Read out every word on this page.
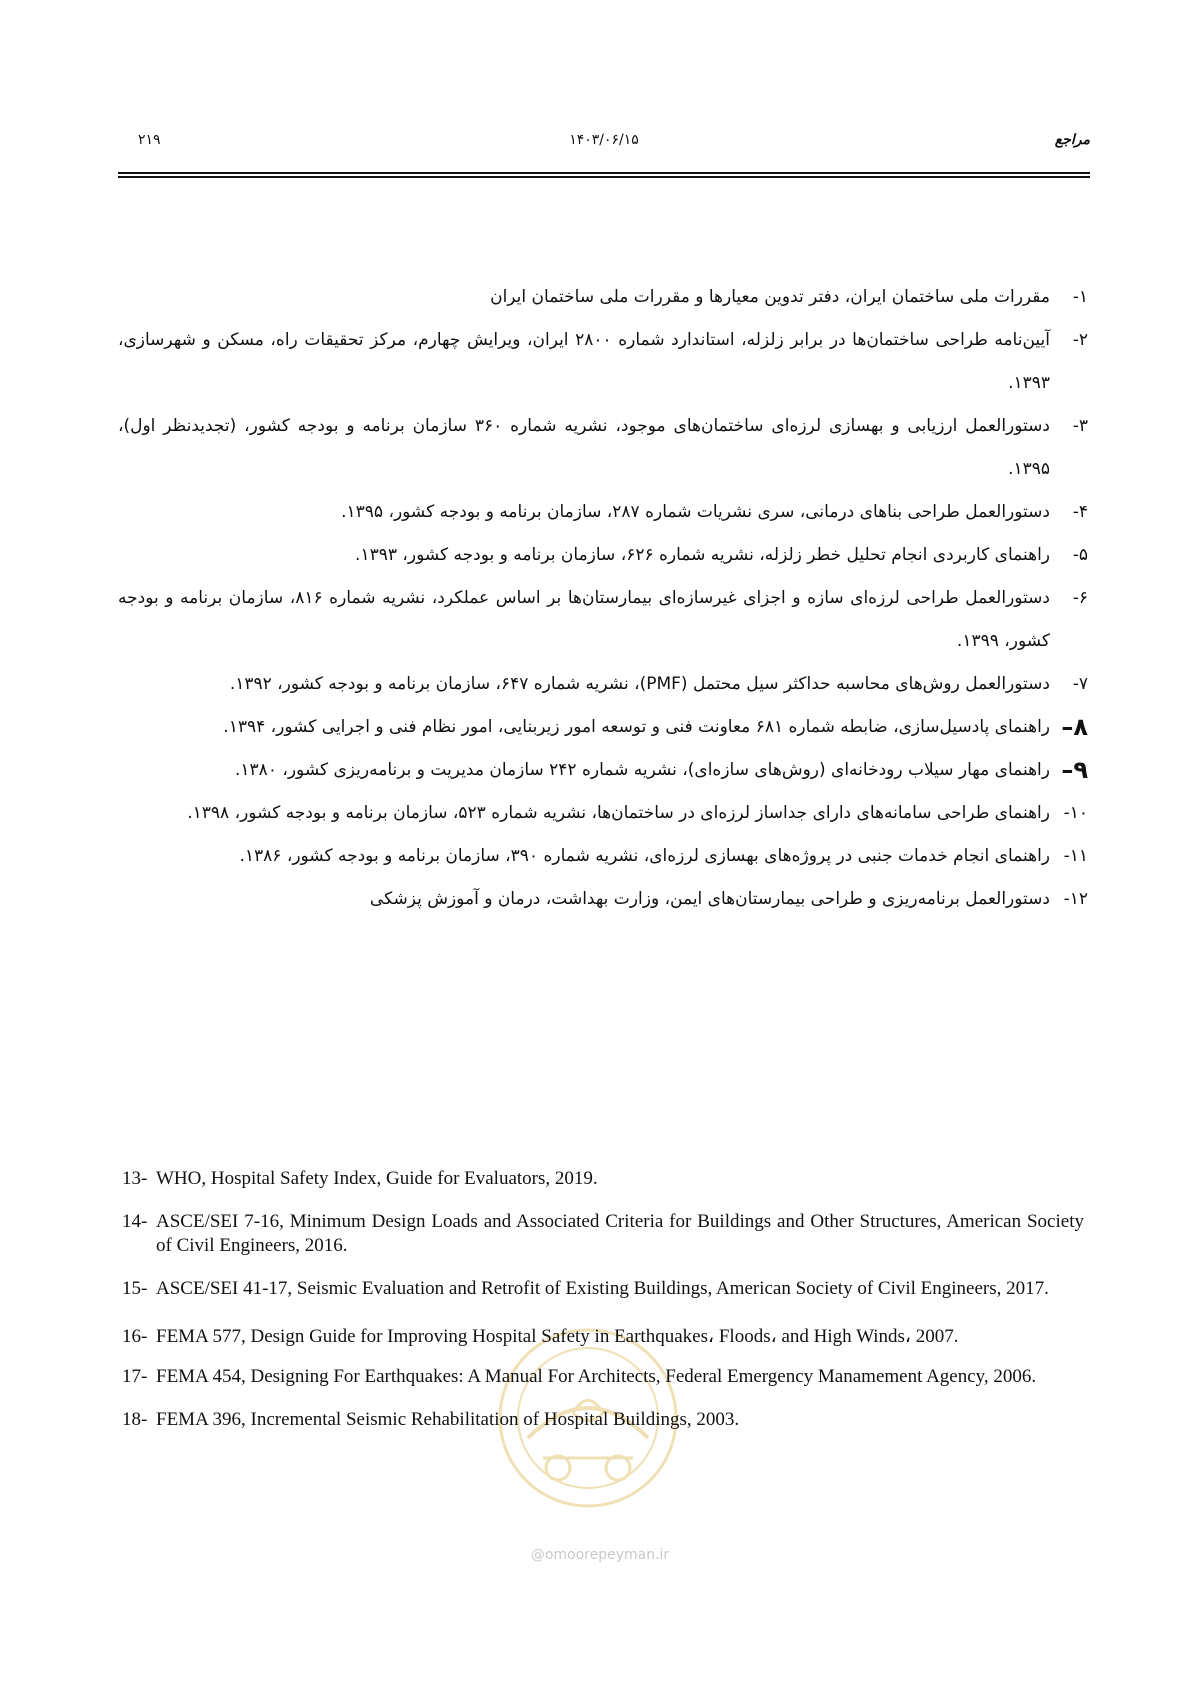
۲۱۹	۱۴۰۳/۰۶/۱۵	مراجع
۱-
مقررات ملی ساختمان ایران، دفتر تدوین معیارها و مقررات ملی ساختمان ایران
۲-
آیین‌نامه طراحی ساختمان‌ها در برابر زلزله، استاندارد شماره ۲۸۰۰ ایران، ویرایش چهارم، مرکز تحقیقات راه، مسکن و شهرسازی، ۱۳۹۳.
۳-
دستورالعمل ارزیابی و بهسازی لرزه‌ای ساختمان‌های موجود، نشریه شماره ۳۶۰ سازمان برنامه و بودجه کشور، (تجدیدنظر اول)، ۱۳۹۵.
۴-
دستورالعمل طراحی بناهای درمانی، سری نشریات شماره ۲۸۷، سازمان برنامه و بودجه کشور، ۱۳۹۵.
۵-
راهنمای کاربردی انجام تحلیل خطر زلزله، نشریه شماره ۶۲۶، سازمان برنامه و بودجه کشور، ۱۳۹۳.
۶-
دستورالعمل طراحی لرزه‌ای سازه و اجزای غیرسازه‌ای بیمارستان‌ها بر اساس عملکرد، نشریه شماره ۸۱۶، سازمان برنامه و بودجه کشور، ۱۳۹۹.
۷-
دستورالعمل روش‌های محاسبه حداکثر سیل محتمل (PMF)، نشریه شماره ۶۴۷، سازمان برنامه و بودجه کشور، ۱۳۹۲.
۸–
راهنمای پادسیل‌سازی، ضابطه شماره ۶۸۱ معاونت فنی و توسعه امور زیربنایی، امور نظام فنی و اجرایی کشور، ۱۳۹۴.
۹–
راهنمای مهار سیلاب رودخانه‌ای (روش‌های سازه‌ای)، نشریه شماره ۲۴۲ سازمان مدیریت و برنامه‌ریزی کشور، ۱۳۸۰.
۱۰-
راهنمای طراحی سامانه‌های دارای جداساز لرزه‌ای در ساختمان‌ها، نشریه شماره ۵۲۳، سازمان برنامه و بودجه کشور، ۱۳۹۸.
۱۱-
راهنمای انجام خدمات جنبی در پروژه‌های بهسازی لرزه‌ای، نشریه شماره ۳۹۰، سازمان برنامه و بودجه کشور، ۱۳۸۶.
۱۲-
دستورالعمل برنامه‌ریزی و طراحی بیمارستان‌های ایمن، وزارت بهداشت، درمان و آموزش پزشکی
@omoorepeyman.ir
13- WHO, Hospital Safety Index, Guide for Evaluators, 2019.
14- ASCE/SEI 7-16, Minimum Design Loads and Associated Criteria for Buildings and Other Structures, American Society of Civil Engineers, 2016.
15- ASCE/SEI 41-17, Seismic Evaluation and Retrofit of Existing Buildings, American Society of Civil Engineers, 2017.
16- FEMA 577, Design Guide for Improving Hospital Safety in Earthquakes، Floods، and High Winds، 2007.
17- FEMA 454, Designing For Earthquakes: A Manual For Architects, Federal Emergency Manamement Agency, 2006.
18- FEMA 396, Incremental Seismic Rehabilitation of Hospital Buildings, 2003.
